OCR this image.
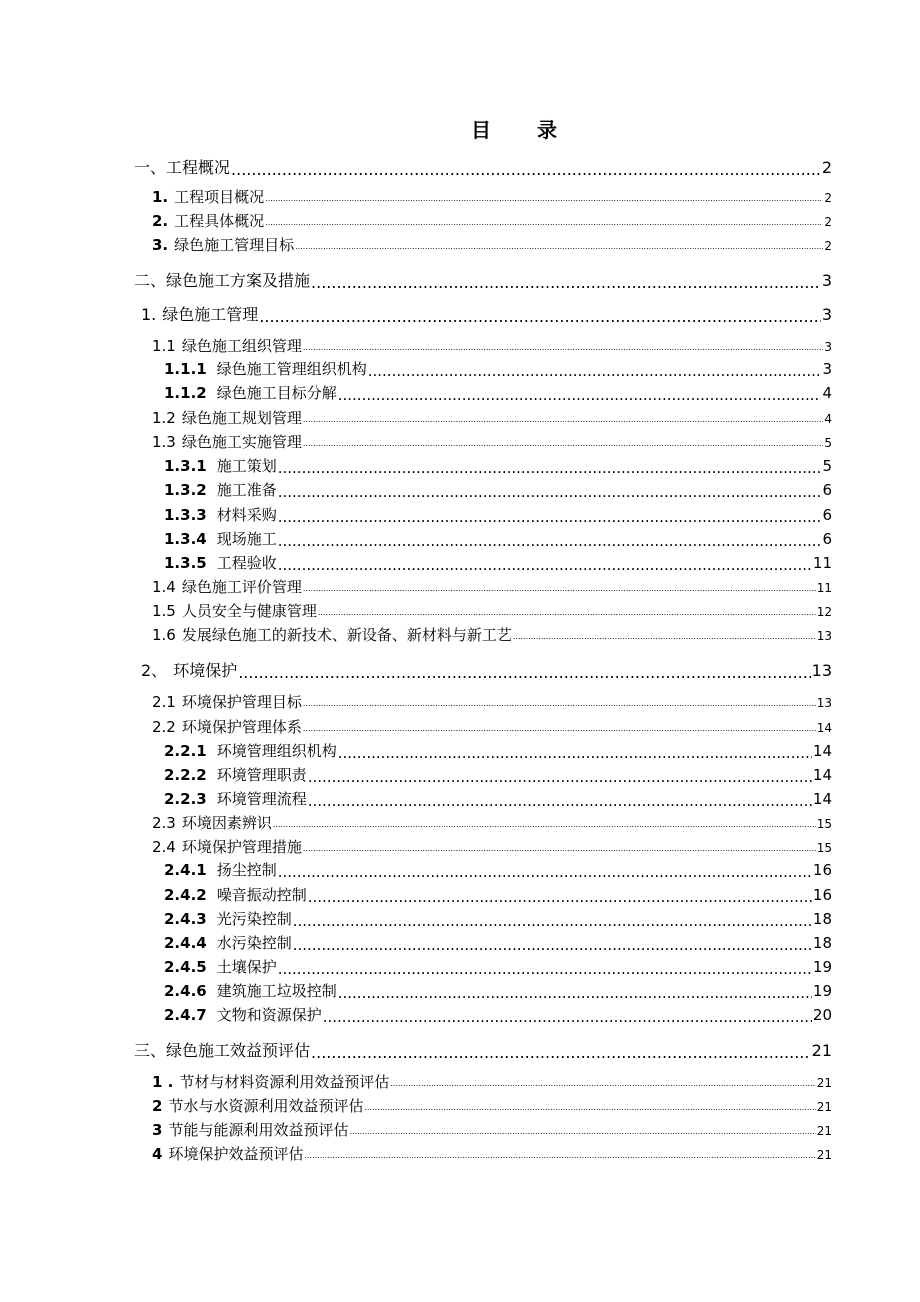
目 录
一、 工程概况 .....	2
1. 工程项目概况 .....	2
2. 工程具体概况 .....	2
3. 绿色施工管理目标 .....	2
二、 绿色施工方案及措施 .....	3
1. 绿色施工管理 .....	3
1.1 绿色施工组织管理 .....	3
1.1.1 绿色施工管理组织机构 .....	3
1.1.2 绿色施工目标分解 .....	4
1.2 绿色施工规划管理 .....	4
1.3 绿色施工实施管理 .....	5
1.3.1 施工策划 .....	5
1.3.2 施工准备 .....	6
1.3.3 材料采购 .....	6
1.3.4 现场施工 .....	6
1.3.5 工程验收 .....	11
1.4 绿色施工评价管理 .....	11
1.5 人员安全与健康管理 .....	12
1.6 发展绿色施工的新技术、新设备、新材料与新工艺 .....	13
2、 环境保护 .....	13
2.1 环境保护管理目标 .....	13
2.2 环境保护管理体系 .....	14
2.2.1 环境管理组织机构 .....	14
2.2.2 环境管理职责 .....	14
2.2.3 环境管理流程 .....	14
2.3 环境因素辨识 .....	15
2.4 环境保护管理措施 .....	15
2.4.1 扬尘控制 .....	16
2.4.2 噪音振动控制 .....	16
2.4.3 光污染控制 .....	18
2.4.4 水污染控制 .....	18
2.4.5 土壤保护 .....	19
2.4.6 建筑施工垃圾控制 .....	19
2.4.7 文物和资源保护 .....	20
三、 绿色施工效益预评估 .....	21
1 . 节材与材料资源利用效益预评估 .....	21
2 节水与水资源利用效益预评估 .....	21
3 节能与能源利用效益预评估 .....	21
4 环境保护效益预评估 .....	21
